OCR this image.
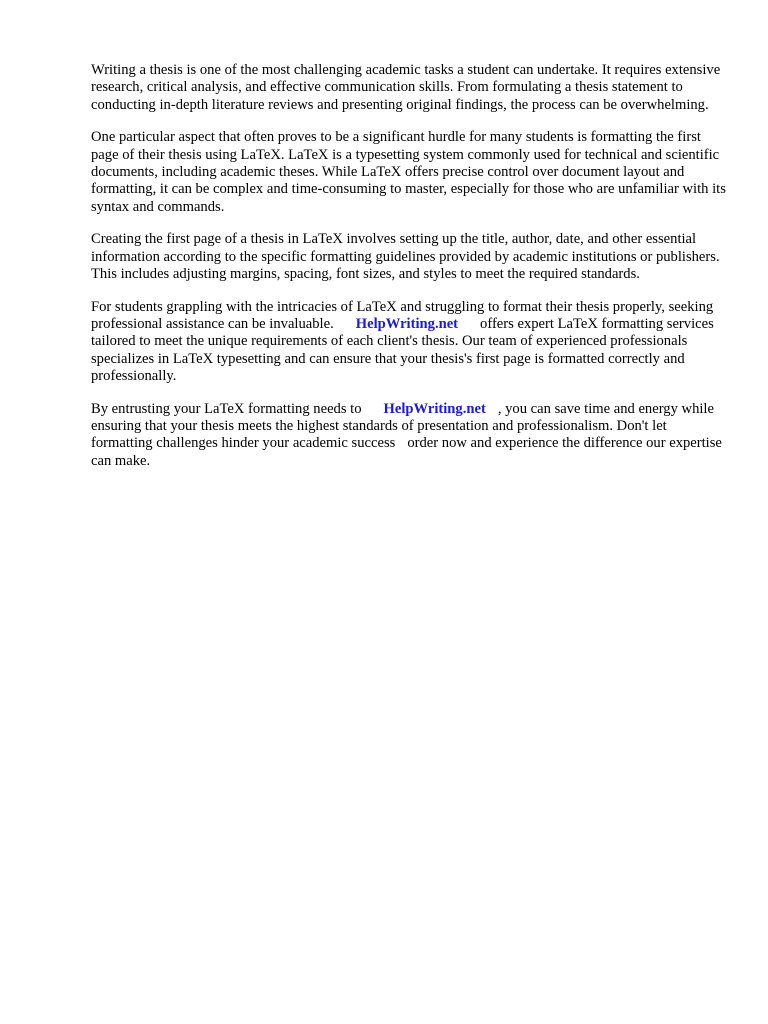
Writing a thesis is one of the most challenging academic tasks a student can undertake. It requires extensive research, critical analysis, and effective communication skills. From formulating a thesis statement to conducting in-depth literature reviews and presenting original findings, the process can be overwhelming.

One particular aspect that often proves to be a significant hurdle for many students is formatting the first page of their thesis using LaTeX. LaTeX is a typesetting system commonly used for technical and scientific documents, including academic theses. While LaTeX offers precise control over document layout and formatting, it can be complex and time-consuming to master, especially for those who are unfamiliar with its syntax and commands.

Creating the first page of a thesis in LaTeX involves setting up the title, author, date, and other essential information according to the specific formatting guidelines provided by academic institutions or publishers. This includes adjusting margins, spacing, font sizes, and styles to meet the required standards.

For students grappling with the intricacies of LaTeX and struggling to format their thesis properly, seeking professional assistance can be invaluable. HelpWriting.net offers expert LaTeX formatting services tailored to meet the unique requirements of each client's thesis. Our team of experienced professionals specializes in LaTeX typesetting and can ensure that your thesis's first page is formatted correctly and professionally.

By entrusting your LaTeX formatting needs to HelpWriting.net , you can save time and energy while ensuring that your thesis meets the highest standards of presentation and professionalism. Don't let formatting challenges hinder your academic success order now and experience the difference our expertise can make.
